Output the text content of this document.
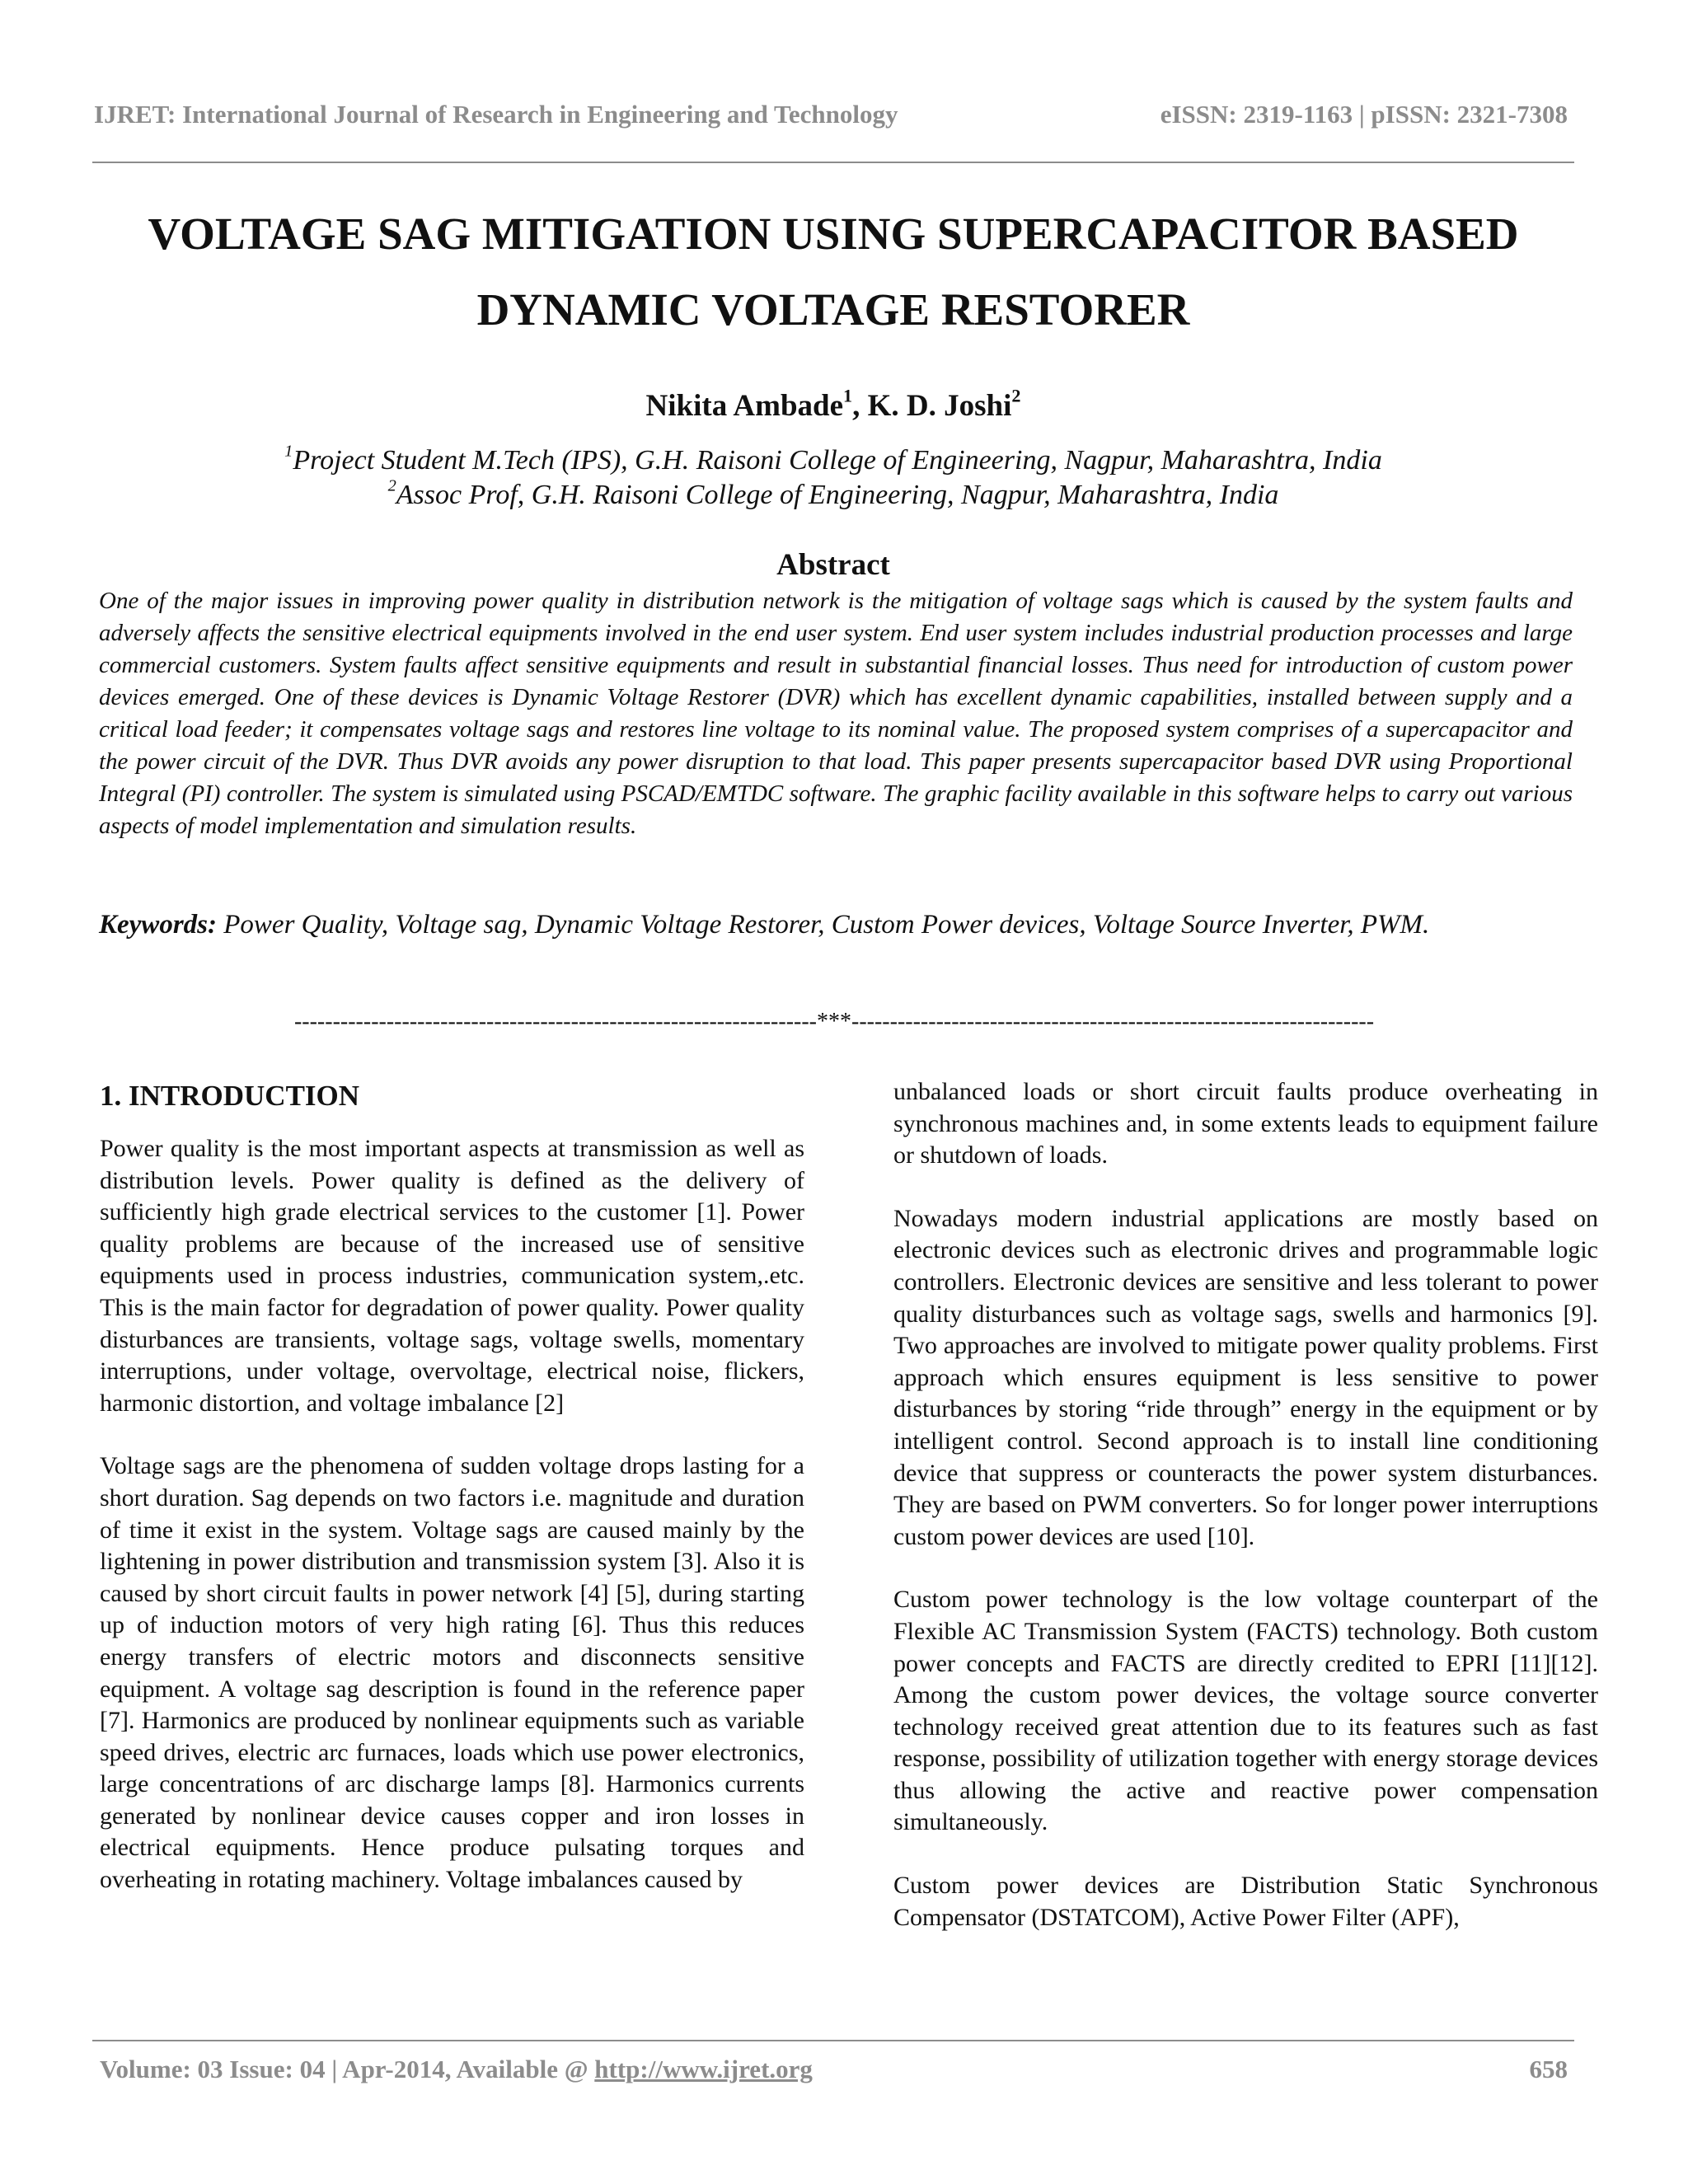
IJRET: International Journal of Research in Engineering and Technology	eISSN: 2319-1163 | pISSN: 2321-7308
VOLTAGE SAG MITIGATION USING SUPERCAPACITOR BASED
DYNAMIC VOLTAGE RESTORER
Nikita Ambade$^1$, K. D. Joshi$^2$
$^1$Project Student M.Tech (IPS), G.H. Raisoni College of Engineering, Nagpur, Maharashtra, India
$^2$Assoc Prof, G.H. Raisoni College of Engineering, Nagpur, Maharashtra, India
Abstract
One of the major issues in improving power quality in distribution network is the mitigation of voltage sags which is caused by the system faults and adversely affects the sensitive electrical equipments involved in the end user system. End user system includes industrial production processes and large commercial customers. System faults affect sensitive equipments and result in substantial financial losses. Thus need for introduction of custom power devices emerged. One of these devices is Dynamic Voltage Restorer (DVR) which has excellent dynamic capabilities, installed between supply and a critical load feeder; it compensates voltage sags and restores line voltage to its nominal value. The proposed system comprises of a supercapacitor and the power circuit of the DVR. Thus DVR avoids any power disruption to that load. This paper presents supercapacitor based DVR using Proportional Integral (PI) controller. The system is simulated using PSCAD/EMTDC software. The graphic facility available in this software helps to carry out various aspects of model implementation and simulation results.
Keywords: Power Quality, Voltage sag, Dynamic Voltage Restorer, Custom Power devices, Voltage Source Inverter, PWM.
--------------------------------------------------------------------***--------------------------------------------------------------------
1. INTRODUCTION

Power quality is the most important aspects at transmission as well as distribution levels. Power quality is defined as the delivery of sufficiently high grade electrical services to the customer [1]. Power quality problems are because of the increased use of sensitive equipments used in process industries, communication system,.etc. This is the main factor for degradation of power quality. Power quality disturbances are transients, voltage sags, voltage swells, momentary interruptions, under voltage, overvoltage, electrical noise, flickers, harmonic distortion, and voltage imbalance [2]

Voltage sags are the phenomena of sudden voltage drops lasting for a short duration. Sag depends on two factors i.e. magnitude and duration of time it exist in the system. Voltage sags are caused mainly by the lightening in power distribution and transmission system [3]. Also it is caused by short circuit faults in power network [4] [5], during starting up of induction motors of very high rating [6]. Thus this reduces energy transfers of electric motors and disconnects sensitive equipment. A voltage sag description is found in the reference paper [7]. Harmonics are produced by nonlinear equipments such as variable speed drives, electric arc furnaces, loads which use power electronics, large concentrations of arc discharge lamps [8]. Harmonics currents generated by nonlinear device causes copper and iron losses in electrical equipments. Hence produce pulsating torques and overheating in rotating machinery. Voltage imbalances caused by

unbalanced loads or short circuit faults produce overheating in synchronous machines and, in some extents leads to equipment failure or shutdown of loads.

Nowadays modern industrial applications are mostly based on electronic devices such as electronic drives and programmable logic controllers. Electronic devices are sensitive and less tolerant to power quality disturbances such as voltage sags, swells and harmonics [9]. Two approaches are involved to mitigate power quality problems. First approach which ensures equipment is less sensitive to power disturbances by storing “ride through” energy in the equipment or by intelligent control. Second approach is to install line conditioning device that suppress or counteracts the power system disturbances. They are based on PWM converters. So for longer power interruptions custom power devices are used [10].

Custom power technology is the low voltage counterpart of the Flexible AC Transmission System (FACTS) technology. Both custom power concepts and FACTS are directly credited to EPRI [11][12]. Among the custom power devices, the voltage source converter technology received great attention due to its features such as fast response, possibility of utilization together with energy storage devices thus allowing the active and reactive power compensation simultaneously.

Custom power devices are Distribution Static Synchronous Compensator (DSTATCOM), Active Power Filter (APF),

Volume: 03 Issue: 04 | Apr-2014, Available @ http://www.ijret.org	658
